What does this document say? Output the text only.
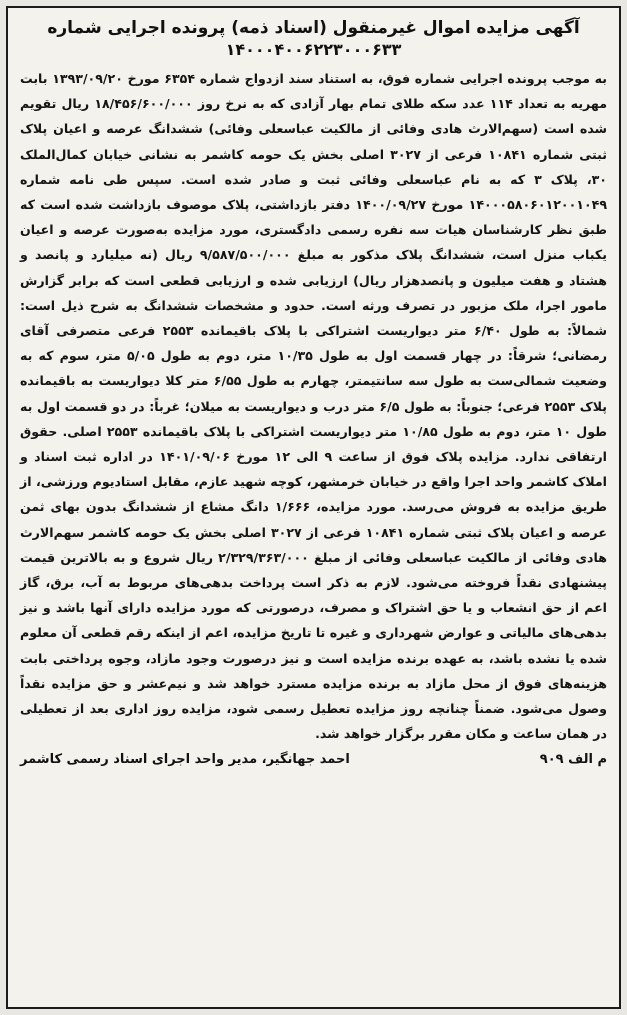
آگهی مزایده اموال غیرمنقول (اسناد ذمه) پرونده اجرایی شماره
۱۴۰۰۰۴۰۰۶۲۲۳۰۰۰۶۳۳
به موجب پرونده اجرایی شماره فوق، به استناد سند ازدواج شماره ۶۳۵۴ مورخ ۱۳۹۳/۰۹/۲۰ بابت مهریه به تعداد ۱۱۴ عدد سکه طلای تمام بهار آزادی که به نرخ روز ۱۸/۴۵۶/۶۰۰/۰۰۰ ریال تقویم شده است (سهم‌الارث هادی وفائی از مالکیت عباسعلی وفائی) ششدانگ عرصه و اعیان پلاک ثبتی شماره ۱۰۸۴۱ فرعی از ۳۰۲۷ اصلی بخش یک حومه کاشمر به نشانی خیابان کمال‌الملک ۳۰، پلاک ۳ که به نام عباسعلی وفائی ثبت و صادر شده است. سپس طی نامه شماره ۱۴۰۰۰۵۸۰۶۰۱۲۰۰۱۰۴۹ مورخ ۱۴۰۰/۰۹/۲۷ دفتر بازداشتی، پلاک موصوف بازداشت شده است که طبق نظر کارشناسان هیات سه نفره رسمی دادگستری، مورد مزایده به‌صورت عرصه و اعیان یکباب منزل است، ششدانگ پلاک مذکور به مبلغ ۹/۵۸۷/۵۰۰/۰۰۰ ریال (نه میلیارد و پانصد و هشتاد و هفت میلیون و پانصدهزار ریال) ارزیابی شده و ارزیابی قطعی است که برابر گزارش مامور اجرا، ملک مزبور در تصرف ورثه است. حدود و مشخصات ششدانگ به شرح ذیل است: شمالاً: به طول ۶/۴۰ متر دیواریست اشتراکی با پلاک باقیمانده ۲۵۵۳ فرعی متصرفی آقای رمضانی؛ شرقاً: در چهار قسمت اول به طول ۱۰/۳۵ متر، دوم به طول ۵/۰۵ متر، سوم که به وضعیت شمالی‌ست به طول سه سانتیمتر، چهارم به طول ۶/۵۵ متر کلا دیواریست به باقیمانده پلاک ۲۵۵۳ فرعی؛ جنوباً: به طول ۶/۵ متر درب و دیواریست به میلان؛ غرباً: در دو قسمت اول به طول ۱۰ متر، دوم به طول ۱۰/۸۵ متر دیواریست اشتراکی با پلاک باقیمانده ۲۵۵۳ اصلی. حقوق ارتفاقی ندارد. مزایده پلاک فوق از ساعت ۹ الی ۱۲ مورخ ۱۴۰۱/۰۹/۰۶ در اداره ثبت اسناد و املاک کاشمر واحد اجرا واقع در خیابان خرمشهر، کوچه شهید عازم، مقابل استادیوم ورزشی، از طریق مزایده به فروش می‌رسد. مورد مزایده، ۱/۶۶۶ دانگ مشاع از ششدانگ بدون بهای ثمن عرصه و اعیان پلاک ثبتی شماره ۱۰۸۴۱ فرعی از ۳۰۲۷ اصلی بخش یک حومه کاشمر سهم‌الارث هادی وفائی از مالکیت عباسعلی وفائی از مبلغ ۲/۳۲۹/۳۶۳/۰۰۰ ریال شروع و به بالاترین قیمت پیشنهادی نقداً فروخته می‌شود. لازم به ذکر است پرداخت بدهی‌های مربوط به آب، برق، گاز اعم از حق انشعاب و یا حق اشتراک و مصرف، درصورتی که مورد مزایده دارای آنها باشد و نیز بدهی‌های مالیاتی و عوارض شهرداری و غیره تا تاریخ مزایده، اعم از اینکه رقم قطعی آن معلوم شده یا نشده باشد، به عهده برنده مزایده است و نیز درصورت وجود مازاد، وجوه پرداختی بابت هزینه‌های فوق از محل مازاد به برنده مزایده مسترد خواهد شد و نیم‌عشر و حق مزایده نقداً وصول می‌شود. ضمناً چنانچه روز مزایده تعطیل رسمی شود، مزایده روز اداری بعد از تعطیلی در همان ساعت و مکان مقرر برگزار خواهد شد.
م الف ۹۰۹
احمد جهانگیر، مدیر واحد اجرای اسناد رسمی کاشمر
